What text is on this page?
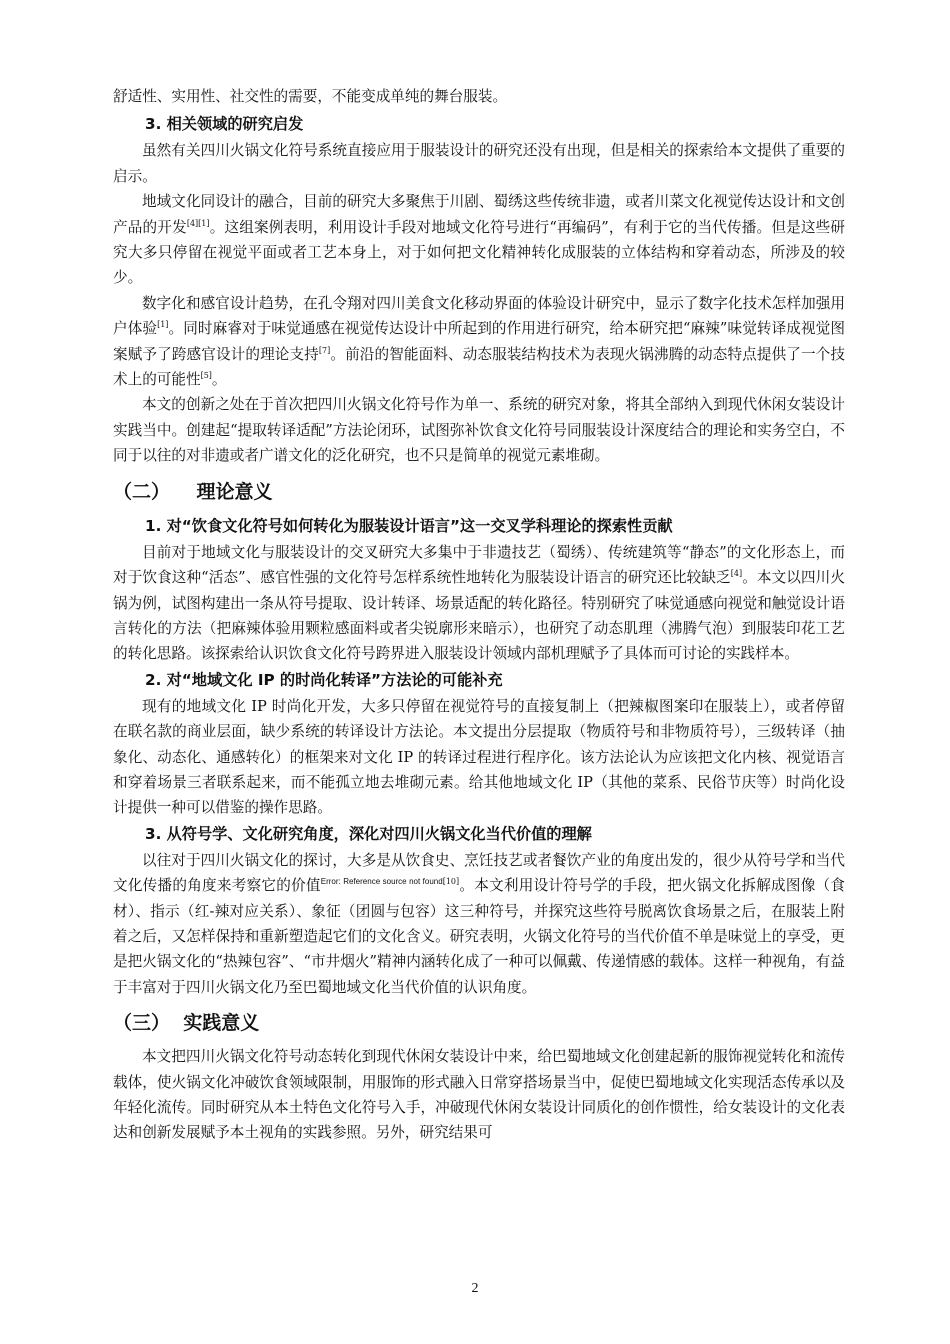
舒适性、实用性、社交性的需要，不能变成单纯的舞台服装。

3. 相关领域的研究启发

虽然有关四川火锅文化符号系统直接应用于服装设计的研究还没有出现，但是相关的探索给本文提供了重要的启示。

地域文化同设计的融合，目前的研究大多聚焦于川剧、蜀绣这些传统非遗，或者川菜文化视觉传达设计和文创产品的开发[4][1]。这组案例表明，利用设计手段对地域文化符号进行“再编码”，有利于它的当代传播。但是这些研究大多只停留在视觉平面或者工艺本身上，对于如何把文化精神转化成服装的立体结构和穿着动态，所涉及的较少。

数字化和感官设计趋势，在孔令翔对四川美食文化移动界面的体验设计研究中，显示了数字化技术怎样加强用户体验[1]。同时麻睿对于味觉通感在视觉传达设计中所起到的作用进行研究，给本研究把“麻辣”味觉转译成视觉图案赋予了跨感官设计的理论支持[7]。前沿的智能面料、动态服装结构技术为表现火锅沸腾的动态特点提供了一个技术上的可能性[5]。

本文的创新之处在于首次把四川火锅文化符号作为单一、系统的研究对象，将其全部纳入到现代休闲女装设计实践当中。创建起“提取转译适配”方法论闭环，试图弥补饮食文化符号同服装设计深度结合的理论和实务空白，不同于以往的对非遗或者广谱文化的泛化研究，也不只是简单的视觉元素堆砌。

（二）    理论意义
1. 对“饮食文化符号如何转化为服装设计语言”这一交叉学科理论的探索性贡献

目前对于地域文化与服装设计的交叉研究大多集中于非遗技艺（蜀绣）、传统建筑等“静态”的文化形态上，而对于饮食这种“活态”、感官性强的文化符号怎样系统性地转化为服装设计语言的研究还比较缺乏[4]。本文以四川火锅为例，试图构建出一条从符号提取、设计转译、场景适配的转化路径。特别研究了味觉通感向视觉和触觉设计语言转化的方法（把麻辣体验用颗粒感面料或者尖锐廓形来暗示），也研究了动态肌理（沸腾气泡）到服装印花工艺的转化思路。该探索给认识饮食文化符号跨界进入服装设计领域内部机理赋予了具体而可讨论的实践样本。

2. 对“地域文化 IP 的时尚化转译”方法论的可能补充

现有的地域文化 IP 时尚化开发，大多只停留在视觉符号的直接复制上（把辣椒图案印在服装上），或者停留在联名款的商业层面，缺少系统的转译设计方法论。本文提出分层提取（物质符号和非物质符号），三级转译（抽象化、动态化、通感转化）的框架来对文化 IP 的转译过程进行程序化。该方法论认为应该把文化内核、视觉语言和穿着场景三者联系起来，而不能孤立地去堆砌元素。给其他地域文化 IP（其他的菜系、民俗节庆等）时尚化设计提供一种可以借鉴的操作思路。

3. 从符号学、文化研究角度，深化对四川火锅文化当代价值的理解

以往对于四川火锅文化的探讨，大多是从饮食史、烹饪技艺或者餐饮产业的角度出发的，很少从符号学和当代文化传播的角度来考察它的价值$^{Error: Reference source not found[10]}$。本文利用设计符号学的手段，把火锅文化拆解成图像（食材）、指示（红-辣对应关系）、象征（团圆与包容）这三种符号，并探究这些符号脱离饮食场景之后，在服装上附着之后，又怎样保持和重新塑造起它们的文化含义。研究表明，火锅文化符号的当代价值不单是味觉上的享受，更是把火锅文化的“热辣包容”、“市井烟火”精神内涵转化成了一种可以佩戴、传递情感的载体。这样一种视角，有益于丰富对于四川火锅文化乃至巴蜀地域文化当代价值的认识角度。

（三）  实践意义

本文把四川火锅文化符号动态转化到现代休闲女装设计中来，给巴蜀地域文化创建起新的服饰视觉转化和流传载体，使火锅文化冲破饮食领域限制，用服饰的形式融入日常穿搭场景当中，促使巴蜀地域文化实现活态传承以及年轻化流传。同时研究从本土特色文化符号入手，冲破现代休闲女装设计同质化的创作惯性，给女装设计的文化表达和创新发展赋予本土视角的实践参照。另外，研究结果可

2
